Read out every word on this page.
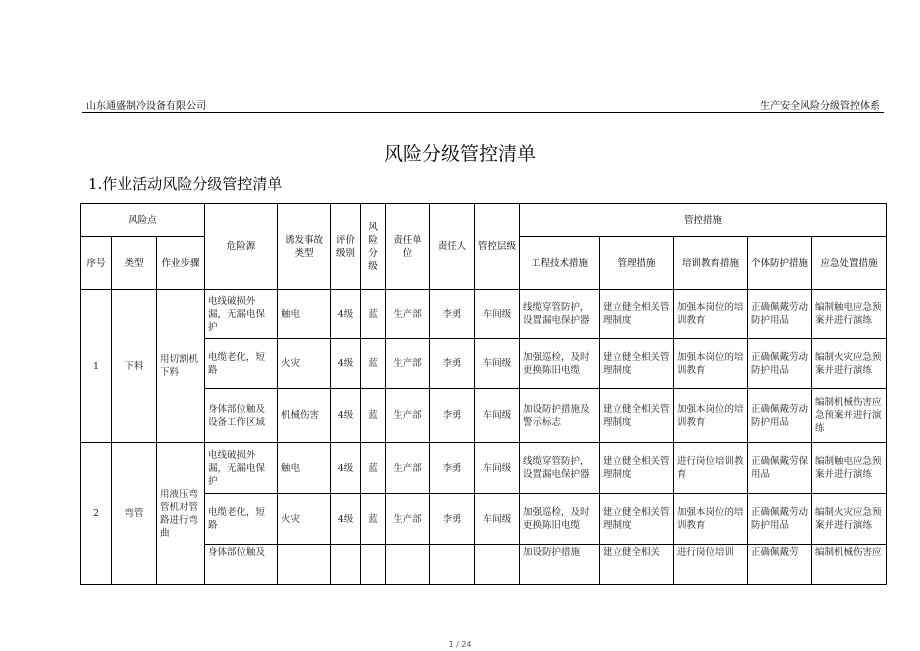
山东通盛制冷设备有限公司	生产安全风险分级管控体系
风险分级管控清单
1.作业活动风险分级管控清单
风险点			危险源	诱发事故类型	评价级别	风险分级	责任单位	责任人	管控层级	管控措施				
序号	类型	作业步骤								工程技术措施	管理措施	培训教育措施	个体防护措施	应急处置措施
1	下料	用切割机下料	电线破损外漏，无漏电保护	触电	4级	蓝	生产部	李勇	车间级	线缆穿管防护，设置漏电保护器	建立健全相关管理制度	加强本岗位的培训教育	正确佩戴劳动防护用品	编制触电应急预案并进行演练
			电缆老化，短路	火灾	4级	蓝	生产部	李勇	车间级	加强巡检，及时更换陈旧电缆	建立健全相关管理制度	加强本岗位的培训教育	正确佩戴劳动防护用品	编制火灾应急预案并进行演练
			身体部位触及设备工作区域	机械伤害	4级	蓝	生产部	李勇	车间级	加设防护措施及警示标志	建立健全相关管理制度	加强本岗位的培训教育	正确佩戴劳动防护用品	编制机械伤害应急预案并进行演练
2	弯管	用液压弯管机对管路进行弯曲	电线破损外漏，无漏电保护	触电	4级	蓝	生产部	李勇	车间级	线缆穿管防护，设置漏电保护器	建立健全相关管理制度	进行岗位培训教育	正确佩戴劳保用品	编制触电应急预案并进行演练
			电缆老化，短路	火灾	4级	蓝	生产部	李勇	车间级	加强巡检，及时更换陈旧电缆	建立健全相关管理制度	加强本岗位的培训教育	正确佩戴劳动防护用品	编制火灾应急预案并进行演练
			身体部位触及							加设防护措施	建立健全相关	进行岗位培训	正确佩戴劳	编制机械伤害应
1 / 24
